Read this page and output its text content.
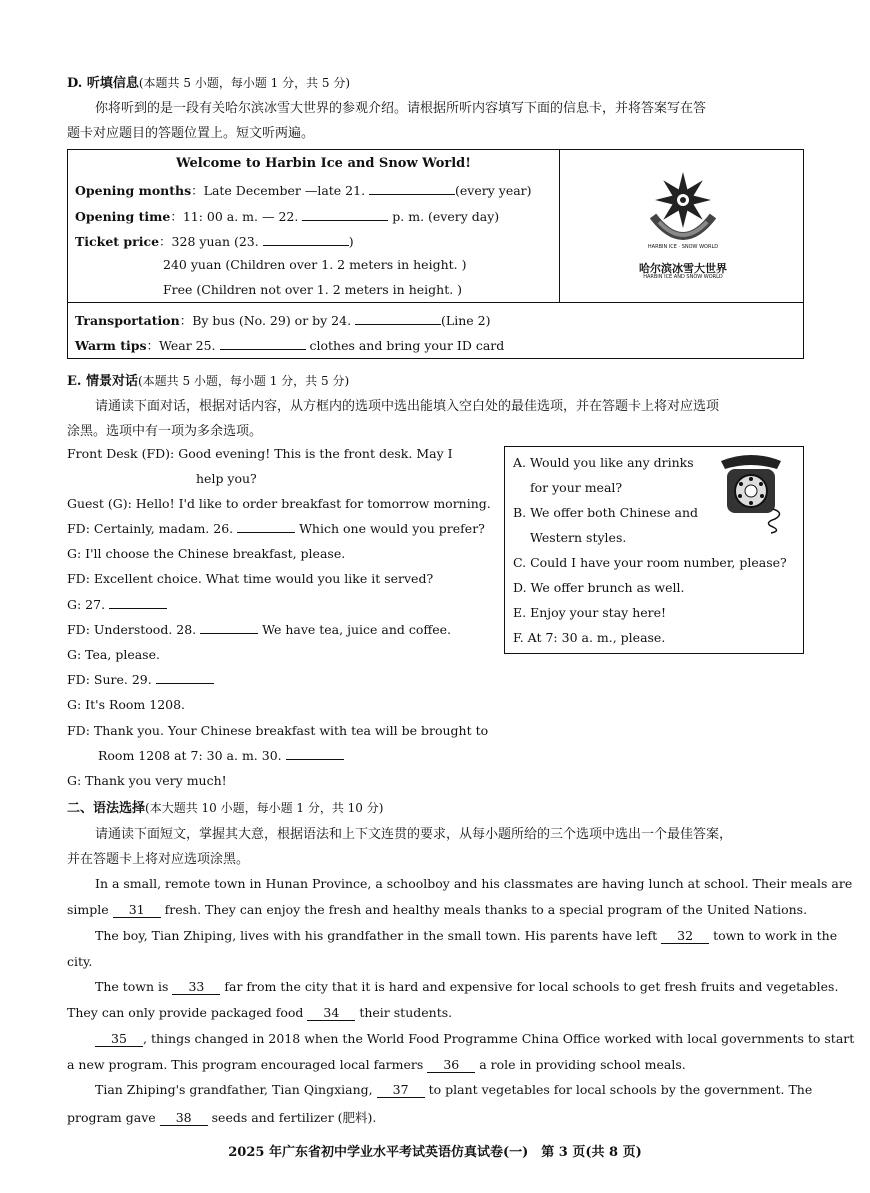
D. 听填信息(本题共 5 小题，每小题 1 分，共 5 分)
你将听到的是一段有关哈尔滨冰雪大世界的参观介绍。请根据所听内容填写下面的信息卡，并将答案写在答
题卡对应题目的答题位置上。短文听两遍。
Welcome to Harbin Ice and Snow World!
Opening months：Late December —late 21.	(every year)
Opening time：11: 00 a. m. — 22.	p. m. (every day)
Ticket price：328 yuan (23.	)
240 yuan (Children over 1. 2 meters in height. )
Free (Children not over 1. 2 meters in height. )
Transportation：By bus (No. 29) or by 24.	(Line 2)
Warm tips：Wear 25.	clothes and bring your ID card
哈尔滨冰雪大世界
HARBIN ICE · SNOW WORLD
HARBIN ICE AND SNOW WORLD
E. 情景对话(本题共 5 小题，每小题 1 分，共 5 分)
请通读下面对话，根据对话内容，从方框内的选项中选出能填入空白处的最佳选项，并在答题卡上将对应选项
涂黑。选项中有一项为多余选项。
Front Desk (FD): Good evening! This is the front desk. May I
help you?
Guest (G): Hello! I'd like to order breakfast for tomorrow morning.
FD: Certainly, madam. 26.	Which one would you prefer?
G: I'll choose the Chinese breakfast, please.
FD: Excellent choice. What time would you like it served?
G: 27.
FD: Understood. 28.	We have tea, juice and coffee.
G: Tea, please.
FD: Sure. 29.
G: It's Room 1208.
FD: Thank you. Your Chinese breakfast with tea will be brought to
Room 1208 at 7: 30 a. m. 30.
G: Thank you very much!
A. Would you like any drinks
for your meal?
B. We offer both Chinese and
Western styles.
C. Could I have your room number, please?
D. We offer brunch as well.
E. Enjoy your stay here!
F. At 7: 30 a. m., please.
二、语法选择(本大题共 10 小题，每小题 1 分，共 10 分)
请通读下面短文，掌握其大意，根据语法和上下文连贯的要求，从每小题所给的三个选项中选出一个最佳答案，
并在答题卡上将对应选项涂黑。
In a small, remote town in Hunan Province, a schoolboy and his classmates are having lunch at school. Their meals are
simple 31 fresh. They can enjoy the fresh and healthy meals thanks to a special program of the United Nations.
The boy, Tian Zhiping, lives with his grandfather in the small town. His parents have left 32 town to work in the
city.
The town is 33 far from the city that it is hard and expensive for local schools to get fresh fruits and vegetables.
They can only provide packaged food 34 their students.
35 , things changed in 2018 when the World Food Programme China Office worked with local governments to start
a new program. This program encouraged local farmers 36 a role in providing school meals.
Tian Zhiping's grandfather, Tian Qingxiang, 37 to plant vegetables for local schools by the government. The
program gave 38 seeds and fertilizer (肥料).
2025 年广东省初中学业水平考试英语仿真试卷(一)　第 3 页(共 8 页)
